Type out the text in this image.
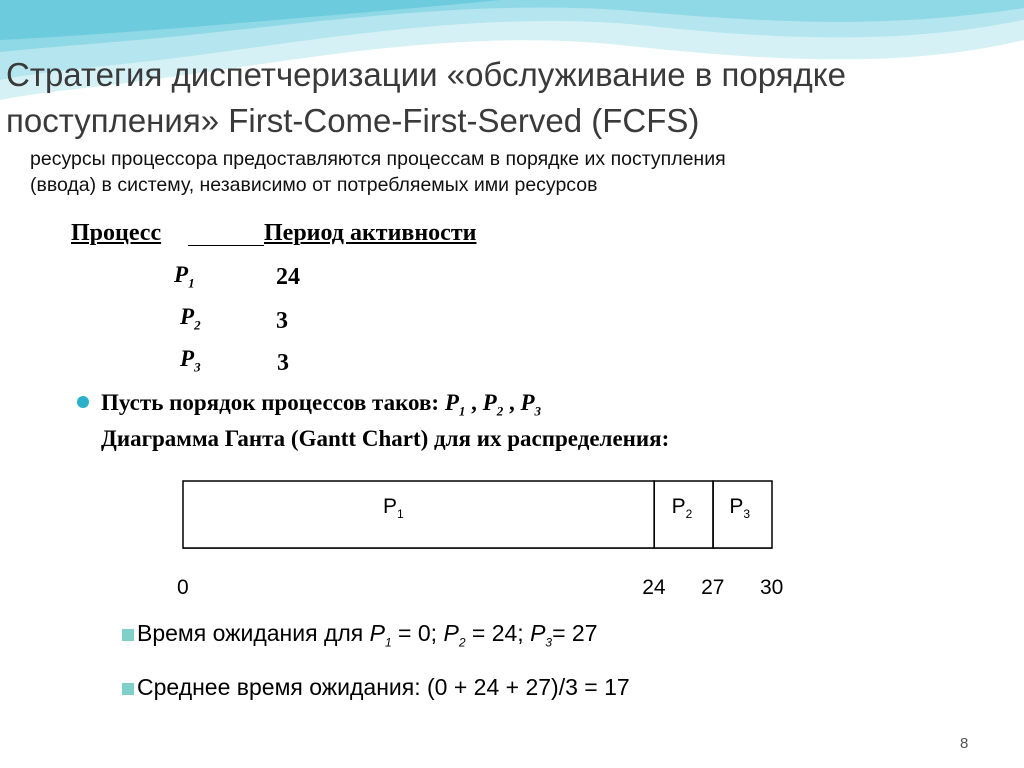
Стратегия диспетчеризации «обслуживание в порядке
поступления» First-Come-First-Served (FCFS)
ресурсы процессора предоставляются процессам в порядке их поступления
(ввода) в систему, независимо от потребляемых ими ресурсов
Процесс	Период активности
$P_1$	24
$P_2$	3
$P_3$	3
Пусть порядок процессов таков: $P_1$ , $P_2$ , $P_3$
Диаграмма Ганта (Gantt Chart) для их распределения:
$P_1$	$P_2$ $P_3$
0	24 27 30
Время ожидания для $P_1 = 0$; $P_2 = 24$; $P_3= 27$
Среднее время ожидания: (0 + 24 + 27)/3 = 17
8
